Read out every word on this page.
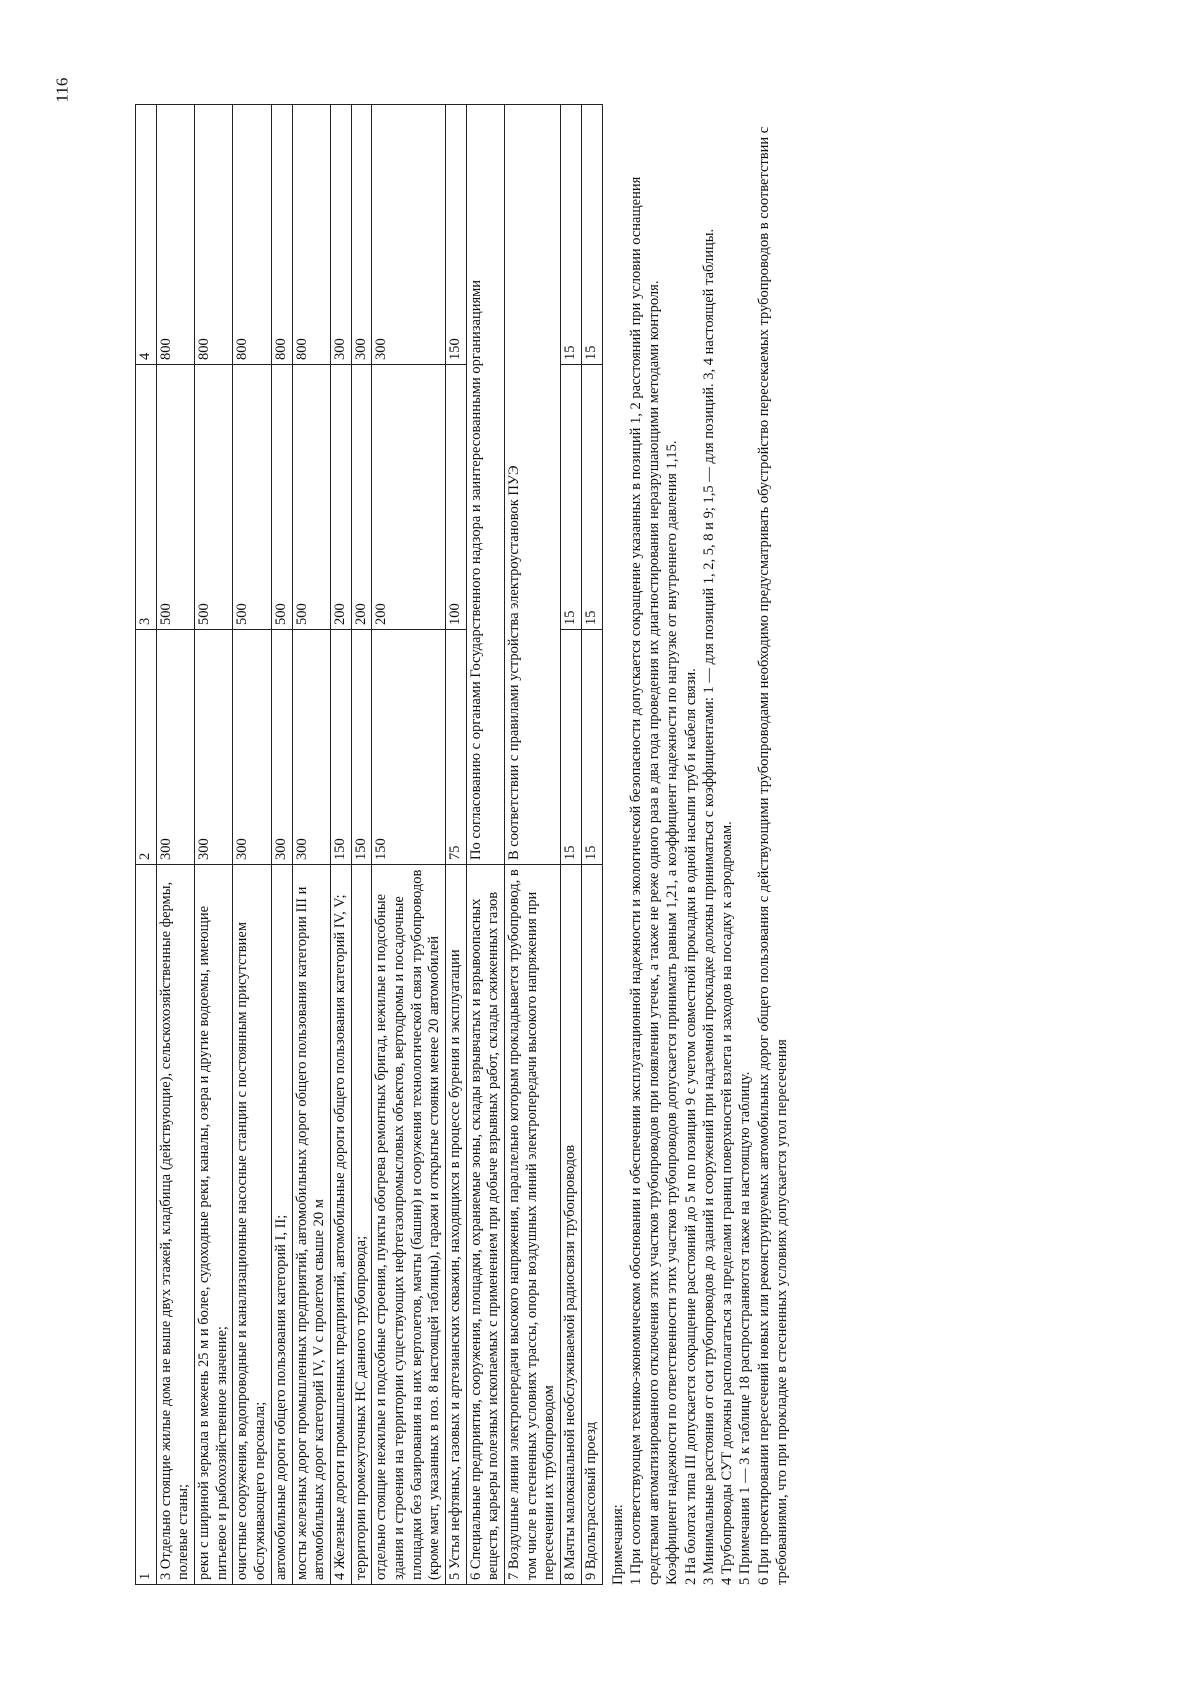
116
1	2	3	4
3 Отдельно стоящие жилые дома не выше двух этажей, кладбища (действующие), сельскохозяйственные фермы, полевые станы;	300	500	800
реки с шириной зеркала в межень 25 м и более, судоходные реки, каналы, озера и другие водоемы, имеющие питьевое и рыбохозяйственное значение;	300	500	800
очистные сооружения, водопроводные и канализационные насосные станции с постоянным присутствием обслуживающего персонала;	300	500	800
автомобильные дороги общего пользования категорий I, II;	300	500	800
мосты железных дорог промышленных предприятий, автомобильных дорог общего пользования категории III и автомобильных дорог категорий IV, V с пролетом свыше 20 м	300	500	800
4 Железные дороги промышленных предприятий, автомобильные дороги общего пользования категорий IV, V;	150	200	300
территории промежуточных НС данного трубопровода;	150	200	300
отдельно стоящие нежилые и подсобные строения, пункты обогрева ремонтных бригад, нежилые и подсобные здания и строения на территории существующих нефтегазопромысловых объектов, вертодромы и посадочные площадки без базирования на них вертолетов, мачты (башни) и сооружения технологической связи трубопроводов (кроме мачт, указанных в поз. 8 настоящей таблицы), гаражи и открытые стоянки менее 20 автомобилей	150	200	300
5 Устья нефтяных, газовых и артезианских скважин, находящихся в процессе бурения и эксплуатации	75	100	150
6 Специальные предприятия, сооружения, площадки, охраняемые зоны, склады взрывчатых и взрывоопасных веществ, карьеры полезных ископаемых с применением при добыче взрывных работ, склады сжиженных газов	По согласованию с органами Государственного надзора и заинтересованными организациями		
7 Воздушные линии электропередачи высокого напряжения, параллельно которым прокладывается трубопровод, в том числе в стесненных условиях трассы, опоры воздушных линий электропередачи высокого напряжения при пересечении их трубопроводом	В соответствии с правилами устройства электроустановок ПУЭ		
8 Мачты малоканальной необслуживаемой радиосвязи трубопроводов	15	15	15
9 Вдольтрассовый проезд	15	15	15

Примечания: 1 При соответствующем технико-экономическом обосновании и обеспечении эксплуатационной надежности и экологической безопасности допускается сокращение указанных в позиций 1, 2 расстояний при условии оснащения средствами автоматизированного отключения этих участков трубопроводов при появлении утечек, а также не реже одного раза в два года проведения их диагностирования неразрушающими методами контроля. Коэффициент надежности по ответственности этих участков трубопроводов допускается принимать равным 1,21, а коэффициент надежности по нагрузке от внутреннего давления 1,15. 2 На болотах типа III допускается сокращение расстояний до 5 м по позиции 9 с учетом совместной прокладки в одной насыпи труб и кабеля связи. 3 Минимальные расстояния от оси трубопроводов до зданий и сооружений при надземной прокладке должны приниматься с коэффициентами: 1 — для позиций 1, 2, 5, 8 и 9; 1,5 — для позиций. 3, 4 настоящей таблицы. 4 Трубопроводы СУТ должны располагаться за пределами границ поверхностей взлета и заходов на посадку к аэродромам. 5 Примечания 1 — 3 к таблице 18 распространяются также на настоящую таблицу. 6 При проектировании пересечений новых или реконструируемых автомобильных дорог общего пользования с действующими трубопроводами необходимо предусматривать обустройство пересекаемых трубопроводов в соответствии с требованиями, что при прокладке в стесненных условиях допускается угол пересечения
